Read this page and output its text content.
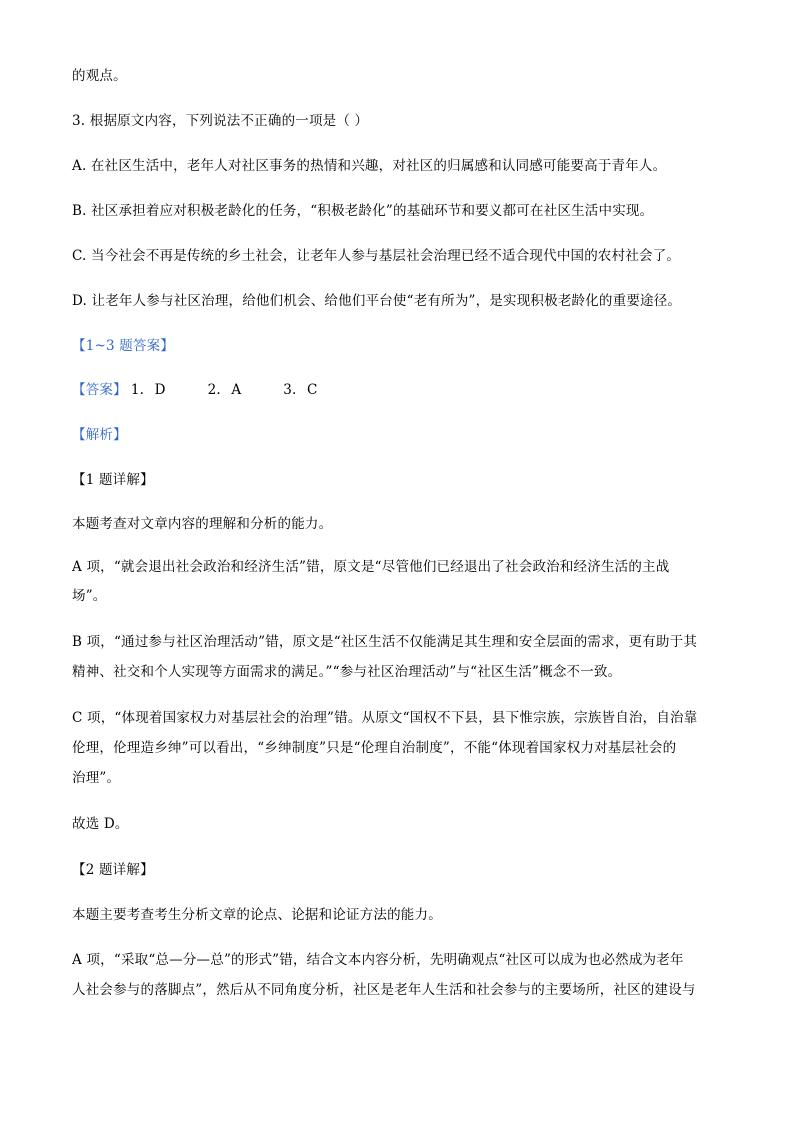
的观点。
3. 根据原文内容，下列说法不正确的一项是（ ）
A. 在社区生活中，老年人对社区事务的热情和兴趣，对社区的归属感和认同感可能要高于青年人。
B. 社区承担着应对积极老龄化的任务，“积极老龄化”的基础环节和要义都可在社区生活中实现。
C. 当今社会不再是传统的乡土社会，让老年人参与基层社会治理已经不适合现代中国的农村社会了。
D. 让老年人参与社区治理，给他们机会、给他们平台使“老有所为”，是实现积极老龄化的重要途径。
【1~3 题答案】
【答案】 1. D    2. A    3. C
【解析】
【1 题详解】
本题考查对文章内容的理解和分析的能力。
A 项，“就会退出社会政治和经济生活”错，原文是“尽管他们已经退出了社会政治和经济生活的主战
场”。
B 项，“通过参与社区治理活动”错，原文是“社区生活不仅能满足其生理和安全层面的需求，更有助于其
精神、社交和个人实现等方面需求的满足。”“参与社区治理活动”与“社区生活”概念不一致。
C 项，“体现着国家权力对基层社会的治理”错。从原文“国权不下县，县下惟宗族，宗族皆自治，自治靠
伦理，伦理造乡绅”可以看出，“乡绅制度”只是“伦理自治制度”，不能“体现着国家权力对基层社会的
治理”。
故选 D。
【2 题详解】
本题主要考查考生分析文章的论点、论据和论证方法的能力。
A 项，“采取“总—分—总”的形式”错，结合文本内容分析，先明确观点“社区可以成为也必然成为老年
人社会参与的落脚点”，然后从不同角度分析，社区是老年人生活和社会参与的主要场所，社区的建设与
